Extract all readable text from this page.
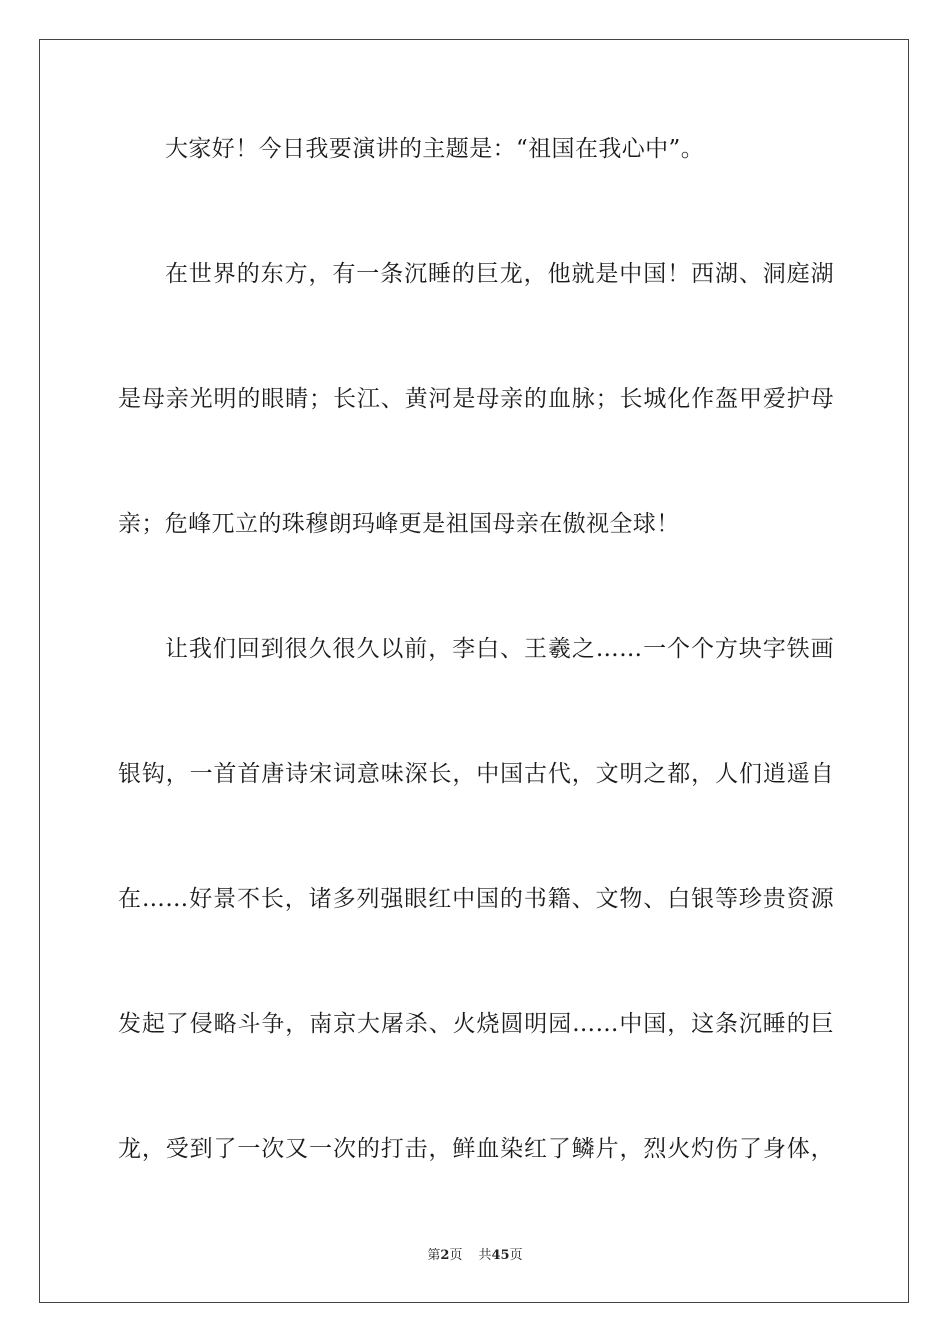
大家好！今日我要演讲的主题是：“祖国在我心中”。
在世界的东方，有一条沉睡的巨龙，他就是中国！西湖、洞庭湖
是母亲光明的眼睛；长江、黄河是母亲的血脉；长城化作盔甲爱护母
亲；危峰兀立的珠穆朗玛峰更是祖国母亲在傲视全球！
让我们回到很久很久以前，李白、王羲之……一个个方块字铁画
银钩，一首首唐诗宋词意味深长，中国古代，文明之都，人们逍遥自
在……好景不长，诸多列强眼红中国的书籍、文物、白银等珍贵资源
发起了侵略斗争，南京大屠杀、火烧圆明园……中国，这条沉睡的巨
龙，受到了一次又一次的打击，鲜血染红了鳞片，烈火灼伤了身体，
第2页 共45页
